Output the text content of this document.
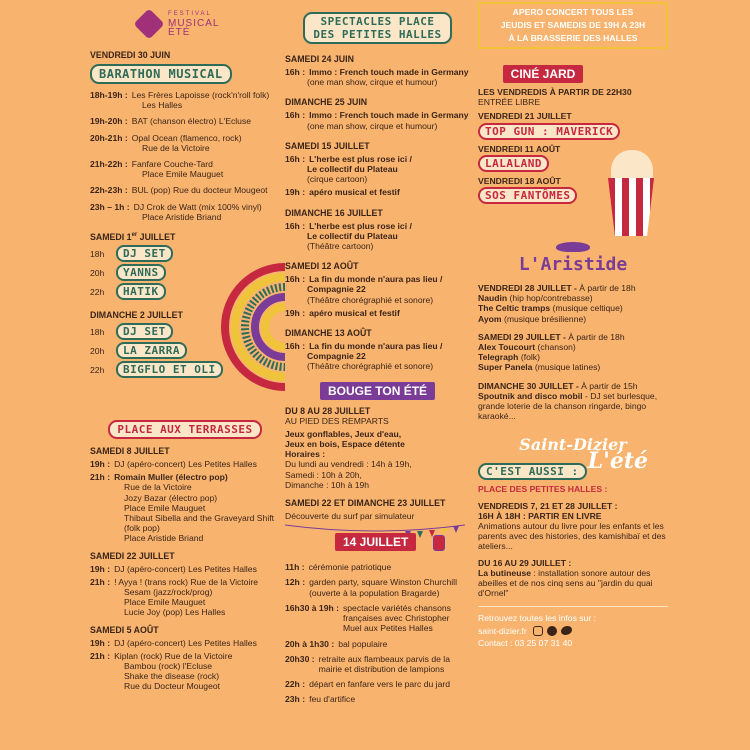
FESTIVAL
MUSICAL
ÉTÉ
VENDREDI 30 JUIN
BARATHON MUSICAL
18h-19h : Les Frères Lapoisse (rock'n'roll folk)
Les Halles
19h-20h : BAT (chanson électro) L'Ecluse
20h-21h : Opal Ocean (flamenco, rock)
Rue de la Victoire
21h-22h : Fanfare Couche-Tard
Place Emile Mauguet
22h-23h : BUL (pop) Rue du docteur Mougeot
23h – 1h : DJ Crok de Watt (mix 100% vinyl)
Place Aristide Briand
SAMEDI 1er JUILLET
18h	DJ SET
20h	YANNS
22h	HATIK
DIMANCHE 2 JUILLET
18h	DJ SET
20h	LA ZARRA
22h	BIGFLO ET OLI
PLACE AUX TERRASSES
SAMEDI 8 JUILLET
19h : DJ (apéro-concert) Les Petites Halles
21h : Romain Muller (électro pop)
Rue de la Victoire
Jozy Bazar (électro pop)
Place Emile Mauguet
Thibaut Sibella and the Graveyard Shift
(folk pop)
Place Aristide Briand
SAMEDI 22 JUILLET
19h : DJ (apéro-concert) Les Petites Halles
21h : ! Ayya ! (trans rock) Rue de la Victoire
Sesam (jazz/rock/prog)
Place Emile Mauguet
Lucie Joy (pop) Les Halles
SAMEDI 5 AOÛT
19h : DJ (apéro-concert) Les Petites Halles
21h : Kiplan (rock) Rue de la Victoire
Bambou (rock) l'Ecluse
Shake the disease (rock)
Rue du Docteur Mougeot
SPECTACLES PLACE
DES PETITES HALLES
SAMEDI 24 JUIN
16h : Immo : French touch made in Germany
(one man show, cirque et humour)
DIMANCHE 25 JUIN
16h : Immo : French touch made in Germany
(one man show, cirque et humour)
SAMEDI 15 JUILLET
16h : L'herbe est plus rose ici /
Le collectif du Plateau
(cirque cartoon)
19h : apéro musical et festif
DIMANCHE 16 JUILLET
16h : L'herbe est plus rose ici /
Le collectif du Plateau
(Théâtre cartoon)
SAMEDI 12 AOÛT
16h : La fin du monde n'aura pas lieu /
Compagnie 22
(Théâtre chorégraphié et sonore)
19h : apéro musical et festif
DIMANCHE 13 AOÛT
16h : La fin du monde n'aura pas lieu /
Compagnie 22
(Théâtre chorégraphié et sonore)
BOUGE TON ÉTÉ
DU 8 AU 28 JUILLET
AU PIED DES REMPARTS
Jeux gonflables, Jeux d'eau,
Jeux en bois, Espace détente
Horaires :
Du lundi au vendredi : 14h à 19h,
Samedi : 10h à 20h,
Dimanche : 10h à 19h
SAMEDI 22 ET DIMANCHE 23 JUILLET
Découverte du surf par simulateur
14 JUILLET
11h : cérémonie patriotique
12h : garden party, square Winston Churchill (ouverte à la population Bragarde)
16h30 à 19h : spectacle variétés chansons françaises avec Christopher Muel aux Petites Halles
20h à 1h30 : bal populaire
20h30 : retraite aux flambeaux parvis de la mairie et distribution de lampions
22h : départ en fanfare vers le parc du jard
23h : feu d'artifice
APERO CONCERT TOUS LES
JEUDIS ET SAMEDIS DE 19H A 23H
À LA BRASSERIE DES HALLES
CINÉ JARD
LES VENDREDIS À PARTIR DE 22H30
ENTRÉE LIBRE
VENDREDI 21 JUILLET
TOP GUN : MAVERICK
VENDREDI 11 AOÛT
LALALAND
VENDREDI 18 AOÛT
SOS FANTÔMES
L'Aristide
VENDREDI 28 JUILLET - À partir de 18h
Naudin (hip hop/contrebasse)
The Celtic tramps (musique celtique)
Ayom (musique brésilienne)
SAMEDI 29 JUILLET - À partir de 18h
Alex Toucourt (chanson)
Telegraph (folk)
Super Panela (musique latines)
DIMANCHE 30 JUILLET - À partir de 15h
Spoutnik and disco mobil - DJ set burlesque, grande loterie de la chanson ringarde, bingo karaoké...
Saint-Dizier
L'été
C'EST AUSSI :
PLACE DES PETITES HALLES :
VENDREDIS 7, 21 ET 28 JUILLET :
16H À 18H : PARTIR EN LIVRE
Animations autour du livre pour les enfants et les parents avec des histories, des kamishibaï et des ateliers...
DU 16 AU 29 JUILLET :
La butineuse : installation sonore autour des abeilles et de nos cinq sens au "jardin du quai d'Ornel"
Retrouvez toutes les infos sur :
saint-dizier.fr
Contact : 03 25 07 31 40
